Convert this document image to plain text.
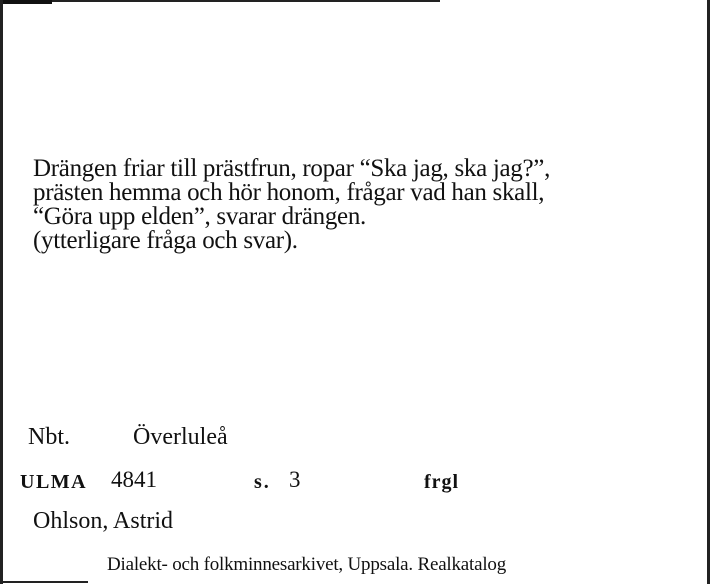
Drängen friar till prästfrun, ropar “Ska jag, ska jag?”,
prästen hemma och hör honom, frågar vad han skall,
“Göra upp elden”, svarar drängen.
(ytterligare fråga och svar).
Nbt.	Överluleå
ULMA 4841	s. 3	frgl
Ohlson, Astrid
Dialekt- och folkminnesarkivet, Uppsala. Realkatalog
